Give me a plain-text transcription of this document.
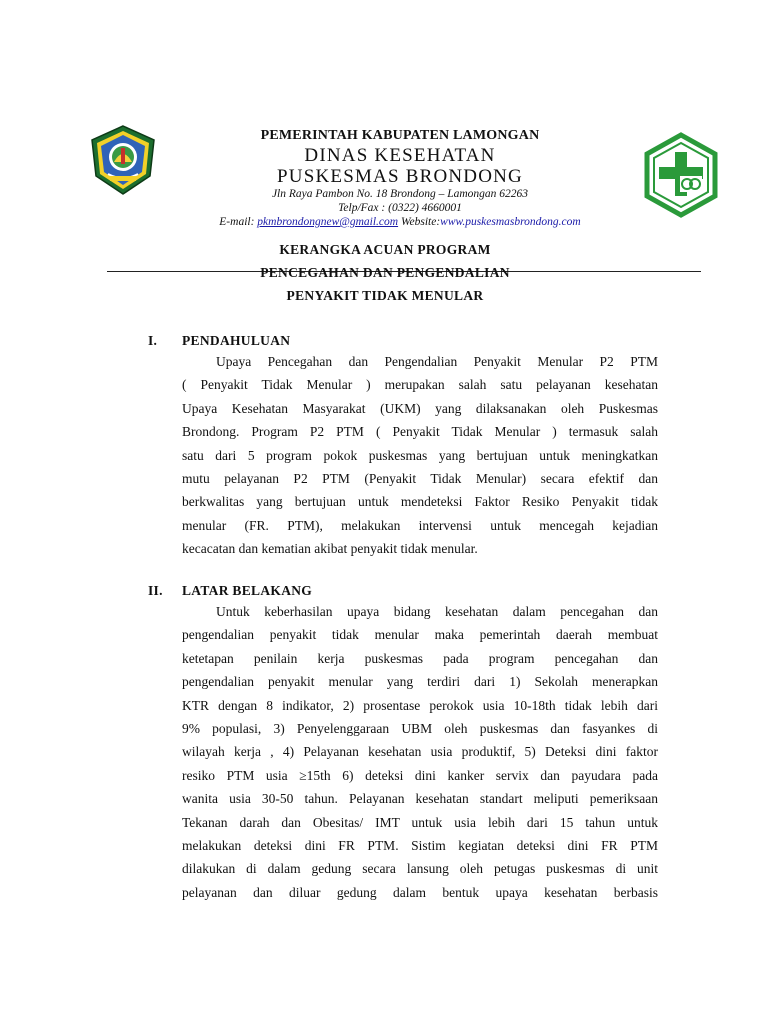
PEMERINTAH KABUPATEN LAMONGAN
DINAS KESEHATAN
PUSKESMAS BRONDONG
Jln Raya Pambon No. 18 Brondong – Lamongan 62263
Telp/Fax : (0322) 4660001
E-mail: pkmbrondongnew@gmail.com Website:www.puskesmasbrondong.com
KERANGKA ACUAN PROGRAM
PENCEGAHAN DAN PENGENDALIAN
PENYAKIT TIDAK MENULAR
I. PENDAHULUAN
Upaya Pencegahan dan Pengendalian Penyakit Menular P2 PTM
( Penyakit Tidak Menular ) merupakan salah satu pelayanan kesehatan
Upaya Kesehatan Masyarakat (UKM) yang dilaksanakan oleh Puskesmas
Brondong. Program P2 PTM ( Penyakit Tidak Menular ) termasuk salah
satu dari 5 program pokok puskesmas yang bertujuan untuk meningkatkan
mutu pelayanan P2 PTM (Penyakit Tidak Menular) secara efektif dan
berkwalitas yang bertujuan untuk mendeteksi Faktor Resiko Penyakit tidak
menular (FR. PTM), melakukan intervensi untuk mencegah kejadian
kecacatan dan kematian akibat penyakit tidak menular.
II. LATAR BELAKANG
Untuk keberhasilan upaya bidang kesehatan dalam pencegahan dan
pengendalian penyakit tidak menular maka pemerintah daerah membuat
ketetapan penilain kerja puskesmas pada program pencegahan dan
pengendalian penyakit menular yang terdiri dari 1) Sekolah menerapkan
KTR dengan 8 indikator, 2) prosentase perokok usia 10-18th tidak lebih dari
9% populasi, 3) Penyelenggaraan UBM oleh puskesmas dan fasyankes di
wilayah kerja , 4) Pelayanan kesehatan usia produktif, 5) Deteksi dini faktor
resiko PTM usia ≥15th 6) deteksi dini kanker servix dan payudara pada
wanita usia 30-50 tahun. Pelayanan kesehatan standart meliputi pemeriksaan
Tekanan darah dan Obesitas/ IMT untuk usia lebih dari 15 tahun untuk
melakukan deteksi dini FR PTM. Sistim kegiatan deteksi dini FR PTM
dilakukan di dalam gedung secara lansung oleh petugas puskesmas di unit
pelayanan dan diluar gedung dalam bentuk upaya kesehatan berbasis
